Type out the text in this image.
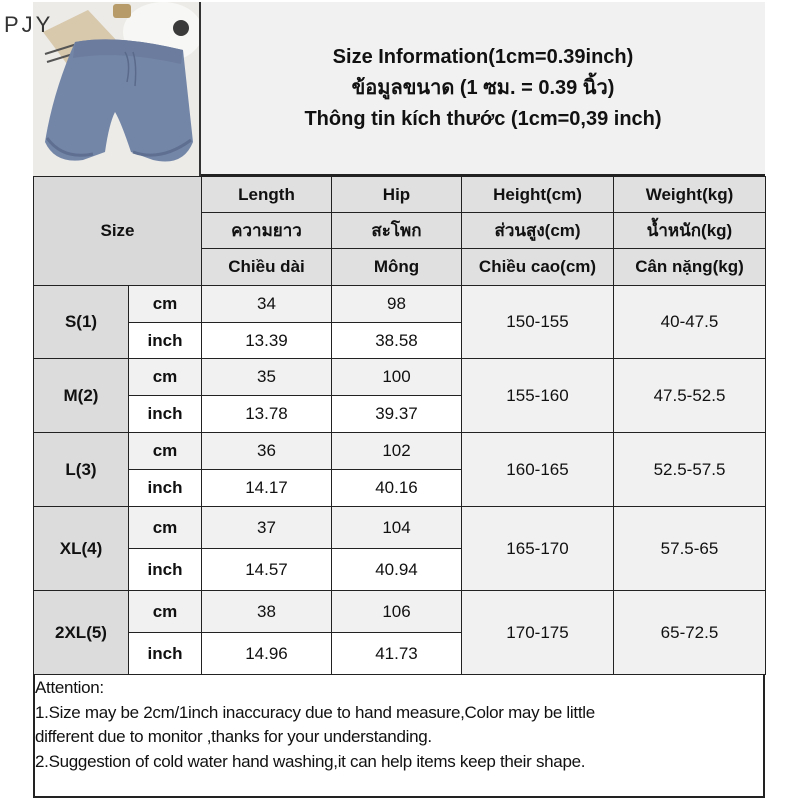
PJY
Size Information(1cm=0.39inch)
ข้อมูลขนาด (1 ซม. = 0.39 นิ้ว)
Thông tin kích thước (1cm=0,39 inch)
Size		Length	Hip	Height(cm)	Weight(kg)
		ความยาว	สะโพก	ส่วนสูง(cm)	น้ำหนัก(kg)
		Chiều dài	Mông	Chiều cao(cm)	Cân nặng(kg)
S(1)	cm	34	98	150-155	40-47.5
	inch	13.39	38.58		
M(2)	cm	35	100	155-160	47.5-52.5
	inch	13.78	39.37		
L(3)	cm	36	102	160-165	52.5-57.5
	inch	14.17	40.16		
XL(4)	cm	37	104	165-170	57.5-65
	inch	14.57	40.94		
2XL(5)	cm	38	106	170-175	65-72.5
	inch	14.96	41.73		
Attention:
1.Size may be 2cm/1inch inaccuracy due to hand measure,Color may be little
different due to monitor ,thanks for your understanding.
2.Suggestion of cold water hand washing,it can help items keep their shape.
